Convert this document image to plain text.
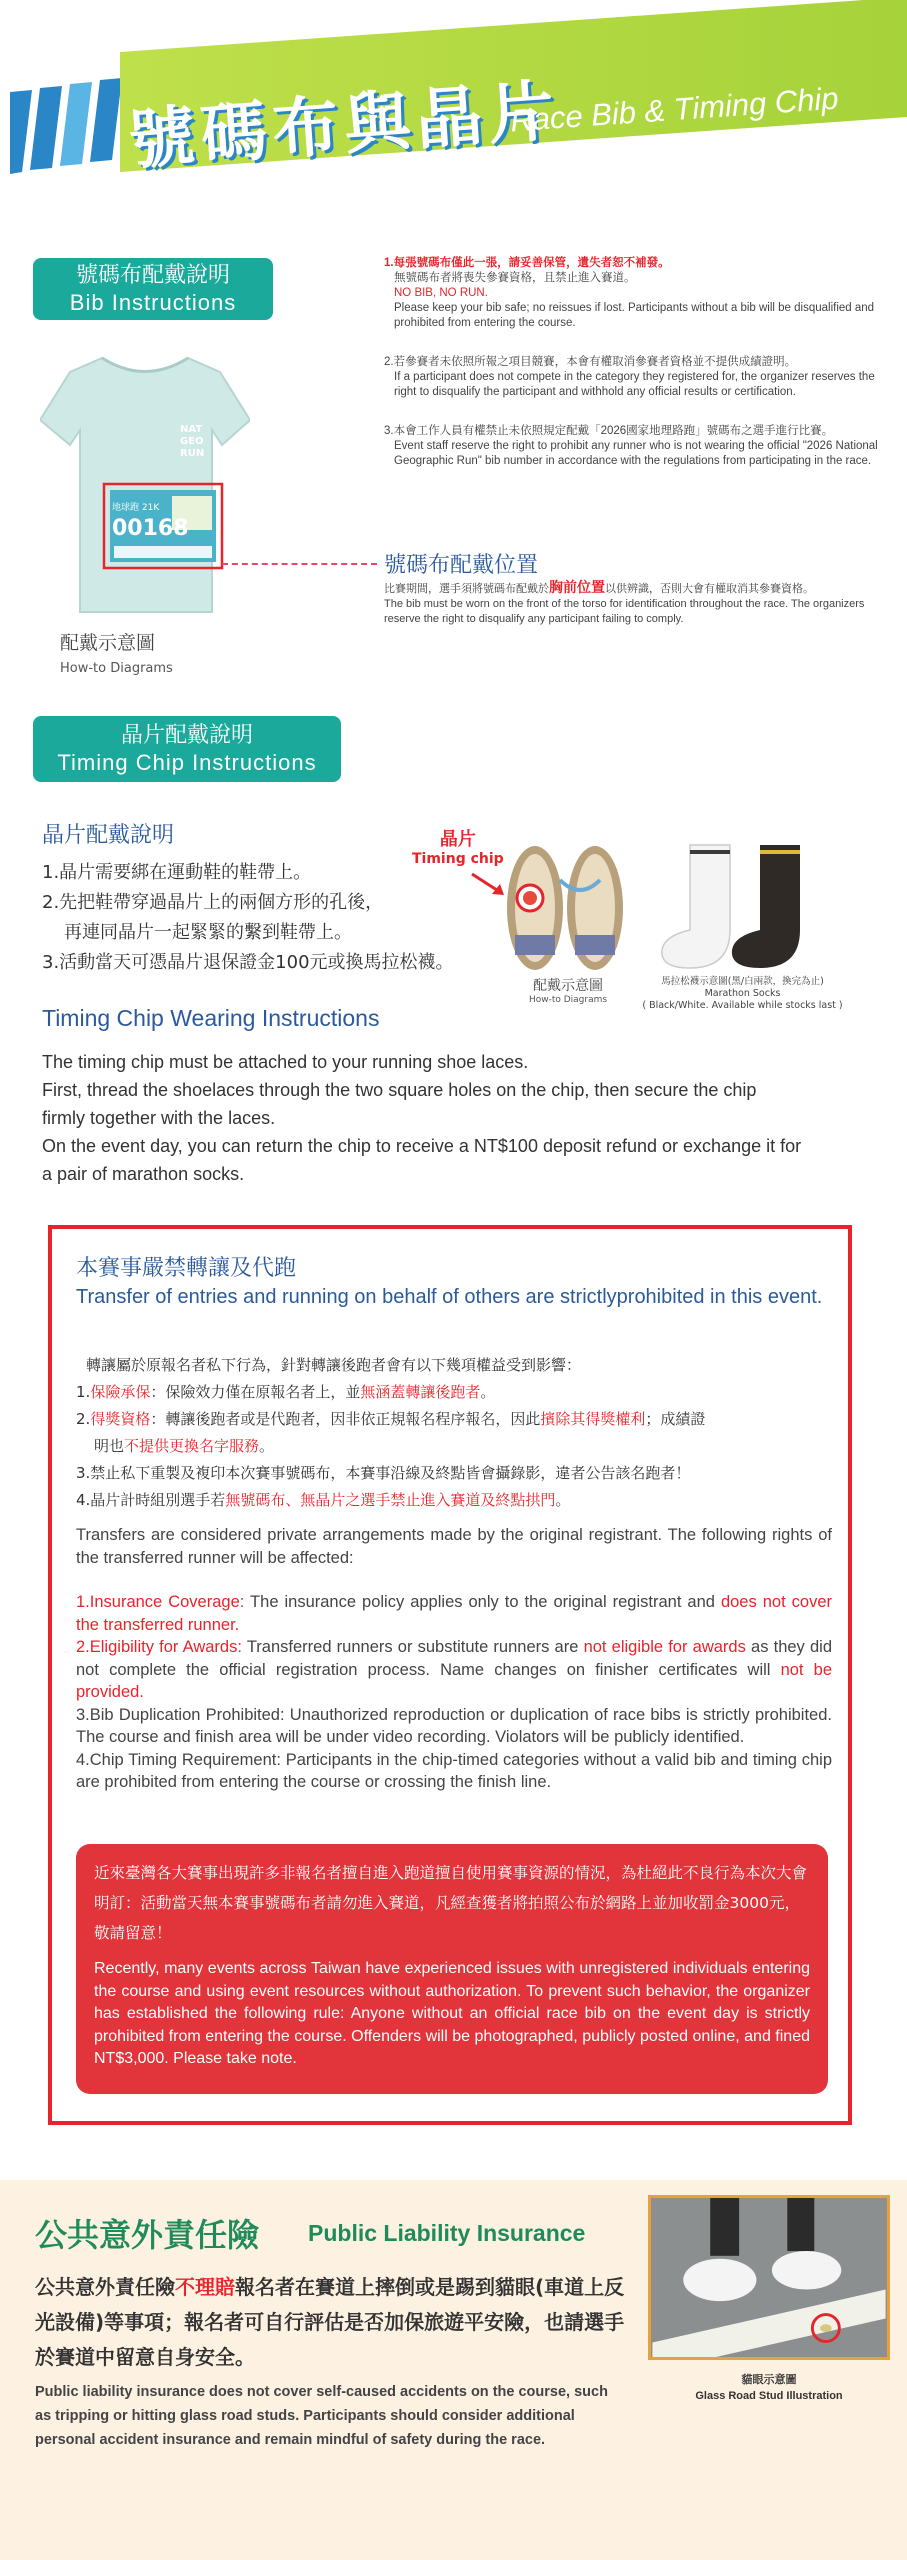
號碼布與晶片
Race Bib & Timing Chip
號碼布配戴說明
Bib Instructions
NAT
GEO
RUN
地球跑 21K
00168
配戴示意圖
How-to Diagrams
1.每張號碼布僅此一張，請妥善保管，遺失者恕不補發。
無號碼布者將喪失參賽資格，且禁止進入賽道。
NO BIB, NO RUN.
Please keep your bib safe; no reissues if lost. Participants without a bib will be disqualified and prohibited from entering the course.
2.若參賽者未依照所報之項目競賽，本會有權取消參賽者資格並不提供成績證明。
If a participant does not compete in the category they registered for, the organizer reserves the right to disqualify the participant and withhold any official results or certification.
3.本會工作人員有權禁止未依照規定配戴「2026國家地理路跑」號碼布之選手進行比賽。
Event staff reserve the right to prohibit any runner who is not wearing the official "2026 National Geographic Run" bib number in accordance with the regulations from participating in the race.
號碼布配戴位置
比賽期間，選手須將號碼布配戴於胸前位置以供辨識，否則大會有權取消其參賽資格。
The bib must be worn on the front of the torso for identification throughout the race. The organizers reserve the right to disqualify any participant failing to comply.
晶片配戴說明
Timing Chip Instructions
晶片配戴說明
1.晶片需要綁在運動鞋的鞋帶上。
2.先把鞋帶穿過晶片上的兩個方形的孔後，
再連同晶片一起緊緊的繫到鞋帶上。
3.活動當天可憑晶片退保證金100元或換馬拉松襪。
晶片
Timing chip
配戴示意圖
How-to Diagrams
馬拉松襪示意圖(黑/白兩款，換完為止)
Marathon Socks
( Black/White. Available while stocks last )
Timing Chip Wearing Instructions
The timing chip must be attached to your running shoe laces.
First, thread the shoelaces through the two square holes on the chip, then secure the chip firmly together with the laces.
On the event day, you can return the chip to receive a NT$100 deposit refund or exchange it for a pair of marathon socks.
本賽事嚴禁轉讓及代跑
Transfer of entries and running on behalf of others are strictlyprohibited in this event.
轉讓屬於原報名者私下行為，針對轉讓後跑者會有以下幾項權益受到影響：
1.保險承保：保險效力僅在原報名者上，並無涵蓋轉讓後跑者。
2.得獎資格：轉讓後跑者或是代跑者，因非依正規報名程序報名，因此擯除其得獎權利；成績證
明也不提供更換名字服務。
3.禁止私下重製及複印本次賽事號碼布，本賽事沿線及終點皆會攝錄影，違者公告該名跑者！
4.晶片計時組別選手若無號碼布、無晶片之選手禁止進入賽道及終點拱門。

Transfers are considered private arrangements made by the original registrant. The following rights of the transferred runner will be affected:

1.Insurance Coverage: The insurance policy applies only to the original registrant and does not cover the transferred runner.

2.Eligibility for Awards: Transferred runners or substitute runners are not eligible for awards as they did not complete the official registration process. Name changes on finisher certificates will not be provided.

3.Bib Duplication Prohibited: Unauthorized reproduction or duplication of race bibs is strictly prohibited. The course and finish area will be under video recording. Violators will be publicly identified.

4.Chip Timing Requirement: Participants in the chip-timed categories without a valid bib and timing chip are prohibited from entering the course or crossing the finish line.

近來臺灣各大賽事出現許多非報名者擅自進入跑道擅自使用賽事資源的情況，為杜絕此不良行為本次大會明訂：活動當天無本賽事號碼布者請勿進入賽道，凡經查獲者將拍照公布於網路上並加收罰金3000元，敬請留意！
Recently, many events across Taiwan have experienced issues with unregistered individuals entering the course and using event resources without authorization. To prevent such behavior, the organizer has established the following rule: Anyone without an official race bib on the event day is strictly prohibited from entering the course. Offenders will be photographed, publicly posted online, and fined NT$3,000. Please take note.
公共意外責任險 Public Liability Insurance
公共意外責任險不理賠報名者在賽道上摔倒或是踢到貓眼(車道上反光設備)等事項；報名者可自行評估是否加保旅遊平安險，也請選手於賽道中留意自身安全。
Public liability insurance does not cover self-caused accidents on the course, such as tripping or hitting glass road studs. Participants should consider additional personal accident insurance and remain mindful of safety during the race.
貓眼示意圖
Glass Road Stud Illustration
